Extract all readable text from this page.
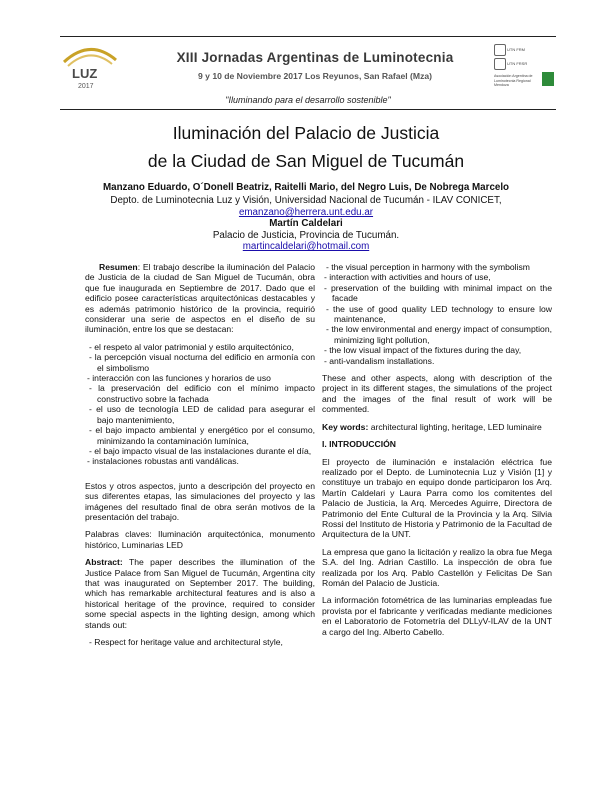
LUZ
2017
XIII Jornadas Argentinas de Luminotecnia
9 y 10 de Noviembre 2017 Los Reyunos, San Rafael (Mza)
UTN FRM
UTN FRSR
Asociación Argentina de Luminotecnia Regional Mendoza
"Iluminando para el desarrollo sostenible"
Iluminación del Palacio de Justicia
de la Ciudad de San Miguel de Tucumán
Manzano Eduardo, O´Donell Beatriz, Raitelli Mario, del Negro Luis, De Nobrega Marcelo
Depto. de Luminotecnia Luz y Visión, Universidad Nacional de Tucumán - ILAV CONICET,
emanzano@herrera.unt.edu.ar
Martín Caldelari
Palacio de Justicia, Provincia de Tucumán.
martincaldelari@hotmail.com

Resumen: El trabajo describe la iluminación del Palacio de Justicia de la ciudad de San Miguel de Tucumán, obra que fue inaugurada en Septiembre de 2017. Dado que el edificio posee características arquitectónicas destacables y es además patrimonio histórico de la provincia, requirió considerar una serie de aspectos en el diseño de su iluminación, entre los que se destacan:

- el respeto al valor patrimonial y estilo arquitectónico,
- la percepción visual nocturna del edificio en armonía con el simbolismo
- interacción con las funciones y horarios de uso
- la preservación del edificio con el mínimo impacto constructivo sobre la fachada
- el uso de tecnología LED de calidad para asegurar el bajo mantenimiento,
- el bajo impacto ambiental y energético por el consumo, minimizando la contaminación lumínica,
- el bajo impacto visual de las instalaciones durante el día,
- instalaciones robustas anti vandálicas.

Estos y otros aspectos, junto a descripción del proyecto en sus diferentes etapas, las simulaciones del proyecto y las imágenes del resultado final de obra serán motivos de la presentación del trabajo.

Palabras claves: Iluminación arquitectónica, monumento histórico, Luminarias LED

Abstract: The paper describes the illumination of the Justice Palace from San Miguel de Tucumán, Argentina city that was inaugurated on September 2017. The building, which has remarkable architectural features and is also a historical heritage of the province, required to consider some special aspects in the lighting design, among which stands out:

- Respect for heritage value and architectural style,
- the visual perception in harmony with the symbolism
- interaction with activities and hours of use,
- preservation of the building with minimal impact on the facade
- the use of good quality LED technology to ensure low maintenance,
- the low environmental and energy impact of consumption, minimizing light pollution,
- the low visual impact of the fixtures during the day,
- anti-vandalism installations.

These and other aspects, along with description of the project in its different stages, the simulations of the project and the images of the final result of work will be commented.

Key words: architectural lighting, heritage, LED luminaire

I. INTRODUCCIÓN

El proyecto de iluminación e instalación eléctrica fue realizado por el Depto. de Luminotecnia Luz y Visión [1] y constituye un trabajo en equipo donde participaron los Arq. Martín Caldelari y Laura Parra como los comitentes del Palacio de Justicia, la Arq. Mercedes Aguirre, Directora de Patrimonio del Ente Cultural de la Provincia y la Arq. Silvia Rossi del Instituto de Historia y Patrimonio de la Facultad de Arquitectura de la UNT.

La empresa que gano la licitación y realizo la obra fue Mega S.A. del Ing. Adrian Castillo. La inspección de obra fue realizada por los Arq. Pablo Castellón y Felicitas De San Román del Palacio de Justicia.

La información fotométrica de las luminarias empleadas fue provista por el fabricante y verificadas mediante mediciones en el Laboratorio de Fotometría del DLLyV-ILAV de la UNT a cargo del Ing. Alberto Cabello.
